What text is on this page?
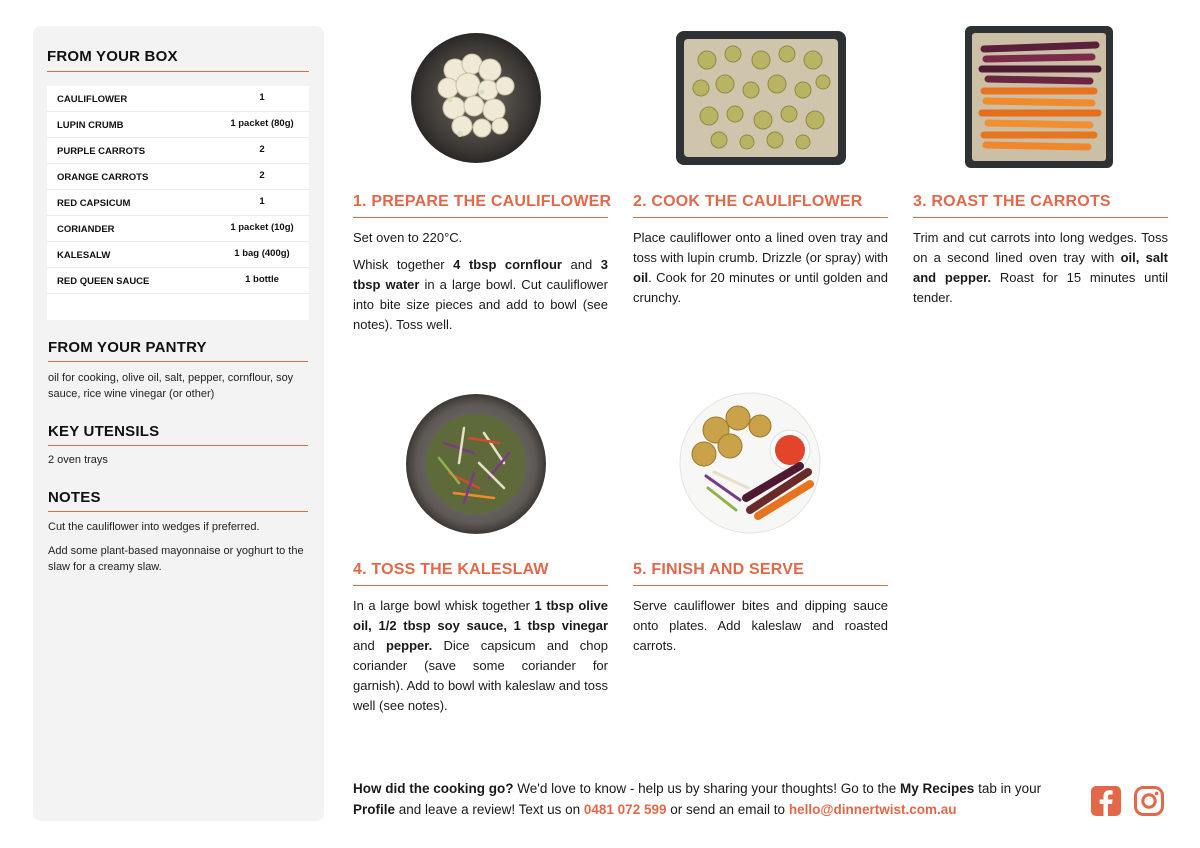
FROM YOUR BOX
CAULIFLOWER	1
LUPIN CRUMB	1 packet (80g)
PURPLE CARROTS	2
ORANGE CARROTS	2
RED CAPSICUM	1
CORIANDER	1 packet (10g)
KALESALW	1 bag (400g)
RED QUEEN SAUCE	1 bottle
FROM YOUR PANTRY
oil for cooking, olive oil, salt, pepper, cornflour, soy sauce, rice wine vinegar (or other)
KEY UTENSILS
2 oven trays
NOTES
Cut the cauliflower into wedges if preferred.
Add some plant-based mayonnaise or yoghurt to the slaw for a creamy slaw.
1. PREPARE THE CAULIFLOWER

Set oven to 220°C.

Whisk together 4 tbsp cornflour and 3 tbsp water in a large bowl. Cut cauliflower into bite size pieces and add to bowl (see notes). Toss well.

2. COOK THE CAULIFLOWER

Place cauliflower onto a lined oven tray and toss with lupin crumb. Drizzle (or spray) with oil. Cook for 20 minutes or until golden and crunchy.

3. ROAST THE CARROTS

Trim and cut carrots into long wedges. Toss on a second lined oven tray with oil, salt and pepper. Roast for 15 minutes until tender.

4. TOSS THE KALESLAW

In a large bowl whisk together 1 tbsp olive oil, 1/2 tbsp soy sauce, 1 tbsp vinegar and pepper. Dice capsicum and chop coriander (save some coriander for garnish). Add to bowl with kaleslaw and toss well (see notes).

5. FINISH AND SERVE

Serve cauliflower bites and dipping sauce onto plates. Add kaleslaw and roasted carrots.

How did the cooking go? We'd love to know - help us by sharing your thoughts! Go to the My Recipes tab in your Profile and leave a review! Text us on 0481 072 599 or send an email to hello@dinnertwist.com.au
